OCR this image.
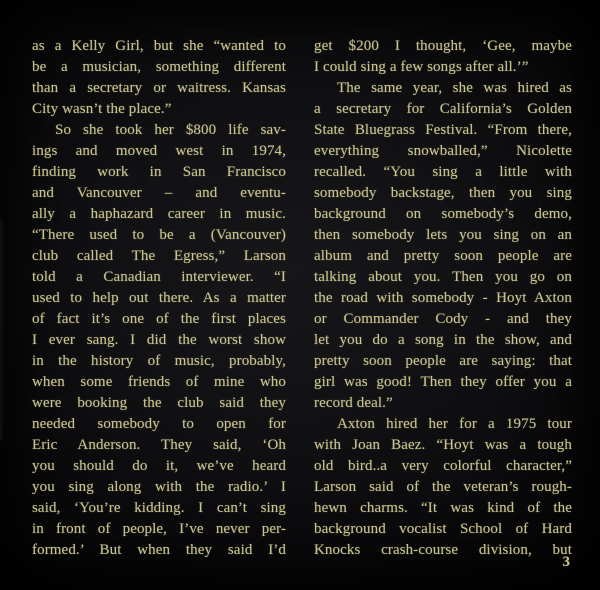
as a Kelly Girl, but she “wanted to
be a musician, something different
than a secretary or waitress. Kansas
City wasn’t the place.”
So she took her $800 life sav-
ings and moved west in 1974,
finding work in San Francisco
and Vancouver – and eventu-
ally a haphazard career in music.
“There used to be a (Vancouver)
club called The Egress,” Larson
told a Canadian interviewer. “I
used to help out there. As a matter
of fact it’s one of the first places
I ever sang. I did the worst show
in the history of music, probably,
when some friends of mine who
were booking the club said they
needed somebody to open for
Eric Anderson. They said, ‘Oh
you should do it, we’ve heard
you sing along with the radio.’ I
said, ‘You’re kidding. I can’t sing
in front of people, I’ve never per-
formed.’ But when they said I’d
get $200 I thought, ‘Gee, maybe
I could sing a few songs after all.’”
The same year, she was hired as
a secretary for California’s Golden
State Bluegrass Festival. “From there,
everything snowballed,” Nicolette
recalled. “You sing a little with
somebody backstage, then you sing
background on somebody’s demo,
then somebody lets you sing on an
album and pretty soon people are
talking about you. Then you go on
the road with somebody - Hoyt Axton
or Commander Cody - and they
let you do a song in the show, and
pretty soon people are saying: that
girl was good! Then they offer you a
record deal.”
Axton hired her for a 1975 tour
with Joan Baez. “Hoyt was a tough
old bird..a very colorful character,”
Larson said of the veteran’s rough-
hewn charms. “It was kind of the
background vocalist School of Hard
Knocks crash-course division, but
3
